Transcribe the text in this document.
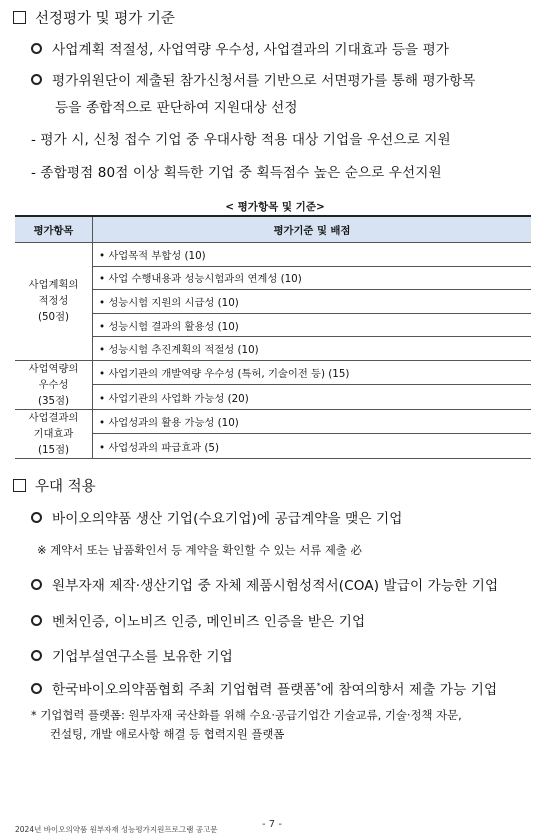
선정평가 및 평가 기준
사업계획 적절성, 사업역량 우수성, 사업결과의 기대효과 등을 평가
평가위원단이 제출된 참가신청서를 기반으로 서면평가를 통해 평가항목
등을 종합적으로 판단하여 지원대상 선정
- 평가 시, 신청 접수 기업 중 우대사항 적용 대상 기업을 우선으로 지원
- 종합평점 80점 이상 획득한 기업 중 획득점수 높은 순으로 우선지원
< 평가항목 및 기준>
평가항목	평가기준 및 배점
사업계획의
적정성
(50점)	• 사업목적 부합성 (10)
	• 사업 수행내용과 성능시험과의 연계성 (10)
	• 성능시험 지원의 시급성 (10)
	• 성능시험 결과의 활용성 (10)
	• 성능시험 추진계획의 적절성 (10)
사업역량의
우수성
(35점)	• 사업기관의 개발역량 우수성 (특허, 기술이전 등) (15)
	• 사업기관의 사업화 가능성 (20)
사업결과의
기대효과
(15점)	• 사업성과의 활용 가능성 (10)
	• 사업성과의 파급효과 (5)
우대 적용
바이오의약품 생산 기업(수요기업)에 공급계약을 맺은 기업
※ 계약서 또는 납품확인서 등 계약을 확인할 수 있는 서류 제출 必
원부자재 제작·생산기업 중 자체 제품시험성적서(COA) 발급이 가능한 기업
벤처인증, 이노비즈 인증, 메인비즈 인증을 받은 기업
기업부설연구소를 보유한 기업
한국바이오의약품협회 주최 기업협력 플랫폼*에 참여의향서 제출 가능 기업
* 기업협력 플랫폼: 원부자재 국산화를 위해 수요·공급기업간 기술교류, 기술·정책 자문,
컨설팅, 개발 애로사항 해결 등 협력지원 플랫폼
2024년 바이오의약품 원부자재 성능평가지원프로그램 공고문	- 7 -
